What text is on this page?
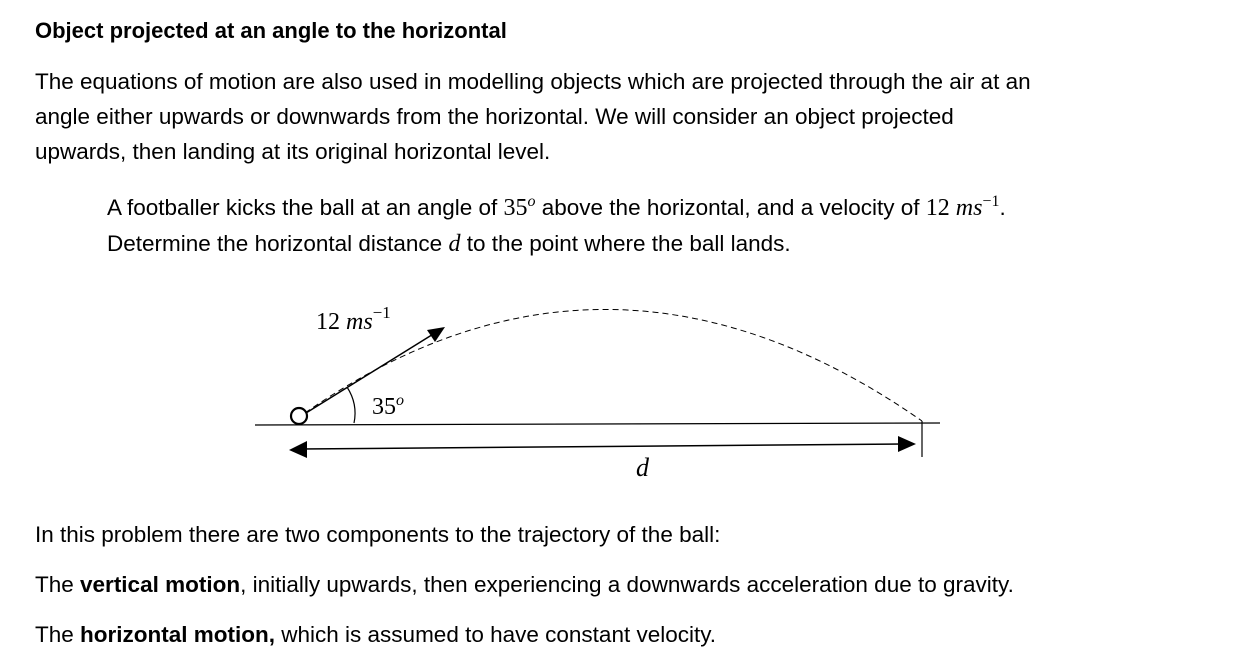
Object projected at an angle to the horizontal

The equations of motion are also used in modelling objects which are projected through the air at an
angle either upwards or downwards from the horizontal. We will consider an object projected
upwards, then landing at its original horizontal level.

A footballer kicks the ball at an angle of 35$^o$ above the horizontal, and a velocity of 12 $ms^{-1}$.
Determine the horizontal distance d to the point where the ball lands.

12 $ms^{-1}$
35$^o$
d

In this problem there are two components to the trajectory of the ball:

The vertical motion, initially upwards, then experiencing a downwards acceleration due to gravity.

The horizontal motion, which is assumed to have constant velocity.
